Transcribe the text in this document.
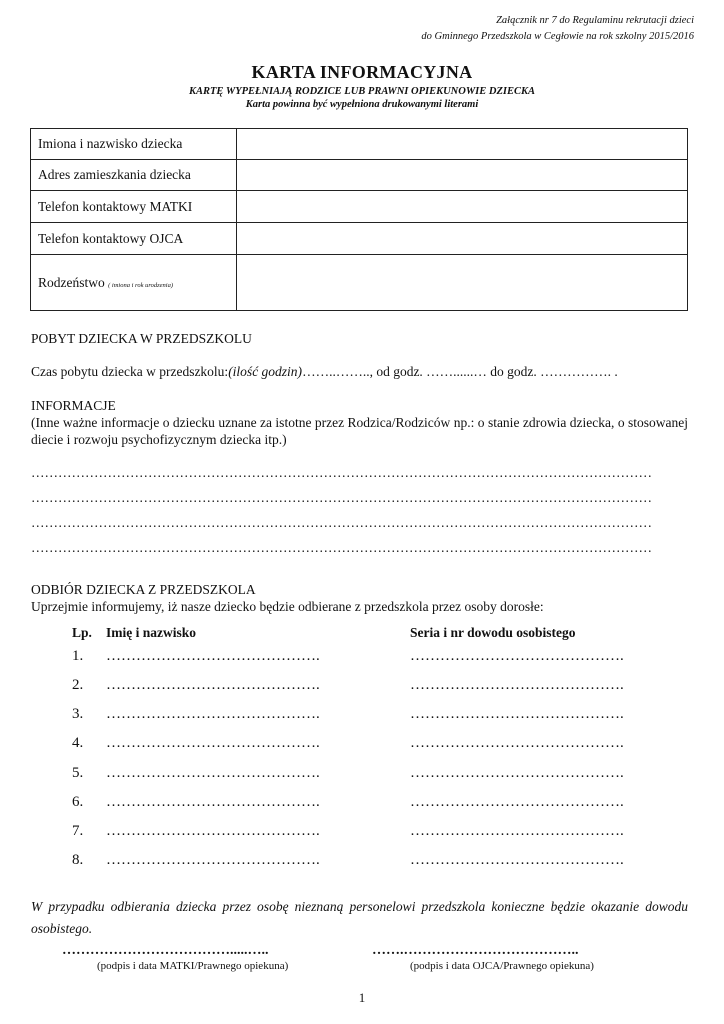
Załącznik nr 7 do Regulaminu rekrutacji dzieci
do Gminnego Przedszkola w Cegłowie na rok szkolny 2015/2016
KARTA INFORMACYJNA
KARTĘ WYPEŁNIAJĄ RODZICE LUB PRAWNI OPIEKUNOWIE DZIECKA
Karta powinna być wypełniona drukowanymi literami
Imiona i nazwisko dziecka	
Adres zamieszkania dziecka	
Telefon kontaktowy MATKI	
Telefon kontaktowy OJCA	
Rodzeństwo ( imiona i rok urodzenia)	
POBYT DZIECKA W PRZEDSZKOLU
Czas pobytu dziecka w przedszkolu:(ilość godzin)……..…….., od godz. ……......… do godz. ……………. .
INFORMACJE
(Inne ważne informacje o dziecku uznane za istotne przez Rodzica/Rodziców np.: o stanie zdrowia dziecka, o stosowanej diecie i rozwoju psychofizycznym dziecka itp.)
…………………………………………………………………………………………………………………………
…………………………………………………………………………………………………………………………
…………………………………………………………………………………………………………………………
…………………………………………………………………………………………………………………………
ODBIÓR DZIECKA Z PRZEDSZKOLA
Uprzejmie informujemy, iż nasze dziecko będzie odbierane z przedszkola przez osoby dorosłe:
Lp. Imię i nazwisko	Seria i nr dowodu osobistego
1. …………………………………….	…………………………………….
2. …………………………………….	…………………………………….
3. …………………………………….	…………………………………….
4. …………………………………….	…………………………………….
5. …………………………………….	…………………………………….
6. …………………………………….	…………………………………….
7. …………………………………….	…………………………………….
8. …………………………………….	…………………………………….
W przypadku odbierania dziecka przez osobę nieznaną personelowi przedszkola konieczne będzie okazanie dowodu osobistego.
……………………………….....…..	…….………………………………..
(podpis i data MATKI/Prawnego opiekuna)	(podpis i data OJCA/Prawnego opiekuna)
1
